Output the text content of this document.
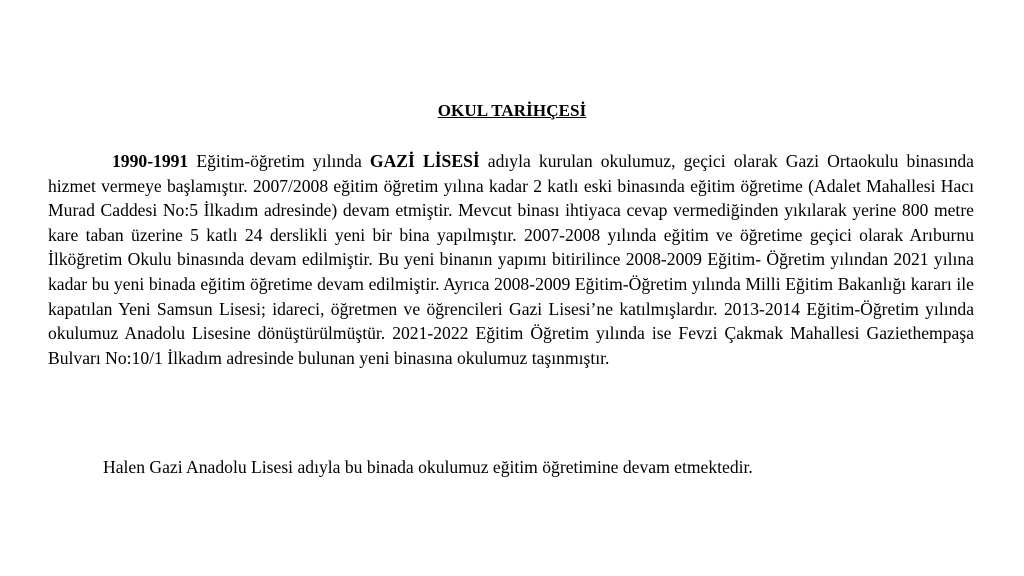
OKUL TARİHÇESİ

1990-1991 Eğitim-öğretim yılında GAZİ LİSESİ adıyla kurulan okulumuz, geçici olarak Gazi Ortaokulu binasında hizmet vermeye başlamıştır. 2007/2008 eğitim öğretim yılına kadar 2 katlı eski binasında eğitim öğretime (Adalet Mahallesi Hacı Murad Caddesi No:5 İlkadım adresinde) devam etmiştir. Mevcut binası ihtiyaca cevap vermediğinden yıkılarak yerine 800 metre kare taban üzerine 5 katlı 24 derslikli yeni bir bina yapılmıştır. 2007-2008 yılında eğitim ve öğretime geçici olarak Arıburnu İlköğretim Okulu binasında devam edilmiştir. Bu yeni binanın yapımı bitirilince 2008-2009 Eğitim- Öğretim yılından 2021 yılına kadar bu yeni binada eğitim öğretime devam edilmiştir. Ayrıca 2008-2009 Eğitim-Öğretim yılında Milli Eğitim Bakanlığı kararı ile kapatılan Yeni Samsun Lisesi; idareci, öğretmen ve öğrencileri Gazi Lisesi’ne katılmışlardır. 2013-2014 Eğitim-Öğretim yılında okulumuz Anadolu Lisesine dönüştürülmüştür. 2021-2022 Eğitim Öğretim yılında ise Fevzi Çakmak Mahallesi Gaziethempaşa Bulvarı No:10/1 İlkadım adresinde bulunan yeni binasına okulumuz taşınmıştır.

Halen Gazi Anadolu Lisesi adıyla bu binada okulumuz eğitim öğretimine devam etmektedir.
